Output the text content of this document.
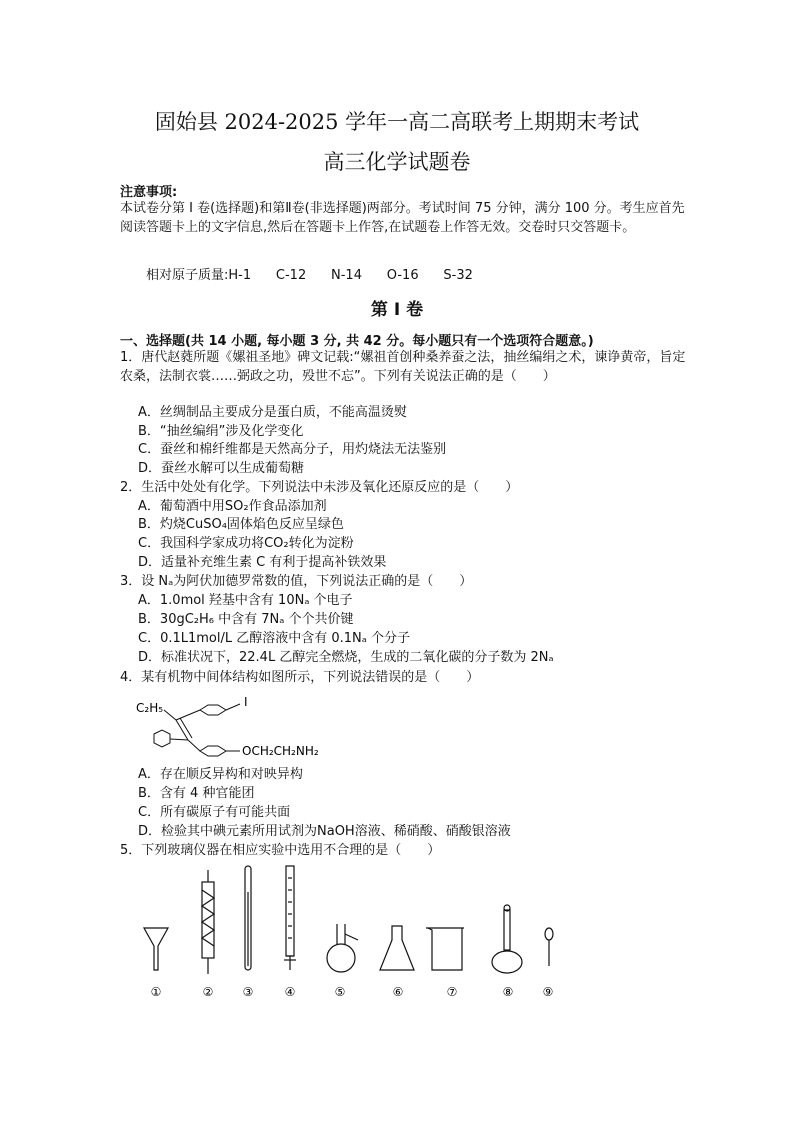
固始县 2024-2025 学年一高二高联考上期期末考试
高三化学试题卷
注意事项:
本试卷分第 I 卷(选择题)和第Ⅱ卷(非选择题)两部分。考试时间 75 分钟，满分 100 分。考生应首先阅读答题卡上的文字信息,然后在答题卡上作答,在试题卷上作答无效。交卷时只交答题卡。
相对原子质量:H-1      C-12      N-14      O-16      S-32
第 I 卷
一、选择题(共 14 小题, 每小题 3 分, 共 42 分。每小题只有一个选项符合题意。)
1．唐代赵蕤所题《嫘祖圣地》碑文记载:“嫘祖首创种桑养蚕之法，抽丝编绢之术，谏诤黄帝，旨定农桑，法制衣裳……弼政之功，殁世不忘”。下列有关说法正确的是（　　）
A．丝绸制品主要成分是蛋白质，不能高温烫熨
B．“抽丝编绢”涉及化学变化
C．蚕丝和棉纤维都是天然高分子，用灼烧法无法鉴别
D．蚕丝水解可以生成葡萄糖
2．生活中处处有化学。下列说法中未涉及氧化还原反应的是（　　）
A．葡萄酒中用SO₂作食品添加剂
B．灼烧CuSO₄固体焰色反应呈绿色
C．我国科学家成功将CO₂转化为淀粉
D．适量补充维生素 C 有利于提高补铁效果
3．设 Nₐ为阿伏加德罗常数的值，下列说法正确的是（　　）
A．1.0mol 羟基中含有 10Nₐ 个电子
B．30gC₂H₆ 中含有 7Nₐ 个个共价键
C．0.1L1mol/L 乙醇溶液中含有 0.1Nₐ 个分子
D．标准状况下，22.4L 乙醇完全燃烧，生成的二氧化碳的分子数为 2Nₐ
4．某有机物中间体结构如图所示，下列说法错误的是（　　）
C₂H₅	I
OCH₂CH₂NH₂
A．存在顺反异构和对映异构
B．含有 4 种官能团
C．所有碳原子有可能共面
D．检验其中碘元素所用试剂为NaOH溶液、稀硝酸、硝酸银溶液
5．下列玻璃仪器在相应实验中选用不合理的是（　　）
①	② ③	④	⑤	⑥	⑦	⑧ ⑨
